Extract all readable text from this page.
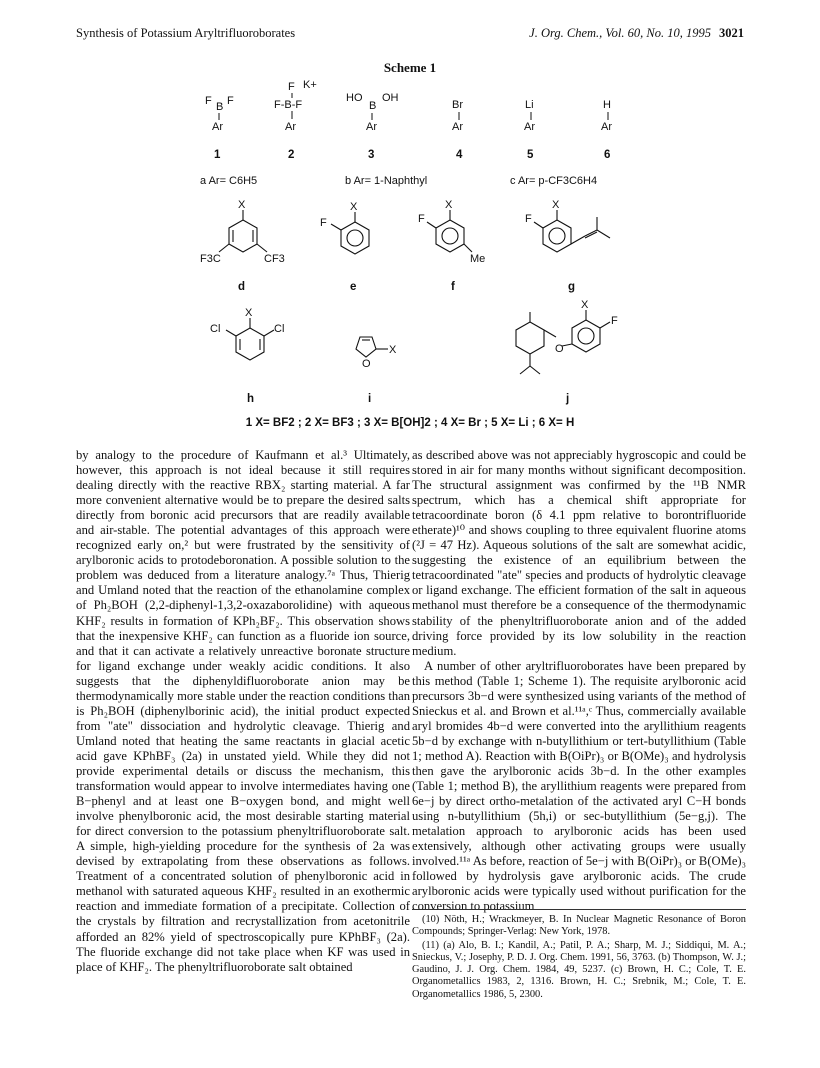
Synthesis of Potassium Aryltrifluoroborates	J. Org. Chem., Vol. 60, No. 10, 1995 3021
Scheme 1
F B F
Ar
F K+
F-B-F
Ar
HO
B
OH
Ar
Br
Ar
Li
Ar
H
Ar
1	2	3	4	5	6
a Ar= C6H5	b Ar= 1-Naphthyl	c Ar= p-CF3C6H4
X
F3C	CF3
X
F
X
F
Me
X
F
X
Cl	Cl
O
X
X
F
O
d	e	f	g
h	i	j
1 X= BF2 ; 2 X= BF3 ; 3 X= B[OH]2 ; 4 X= Br ; 5 X= Li ; 6 X= H

by analogy to the procedure of Kaufmann et al.³ Ultimately, however, this approach is not ideal because it still requires dealing directly with the reactive RBX₂ starting material. A far more convenient alternative would be to prepare the desired salts directly from boronic acid precursors that are readily available and air-stable. The potential advantages of this approach were recognized early on,² but were frustrated by the sensitivity of arylboronic acids to protodeboronation. A possible solution to the problem was deduced from a literature analogy.⁷ᵃ Thus, Thierig and Umland noted that the reaction of the ethanolamine complex of Ph₂BOH (2,2-diphenyl-1,3,2-oxazaborolidine) with aqueous KHF₂ results in formation of KPh₂BF₂. This observation shows that the inexpensive KHF₂ can function as a fluoride ion source, and that it can activate a relatively unreactive boronate structure for ligand exchange under weakly acidic conditions. It also suggests that the diphenyldifluoroborate anion may be thermodynamically more stable under the reaction conditions than is Ph₂BOH (diphenylborinic acid), the initial product expected from "ate" dissociation and hydrolytic cleavage. Thierig and Umland noted that heating the same reactants in glacial acetic acid gave KPhBF₃ (2a) in unstated yield. While they did not provide experimental details or discuss the mechanism, this transformation would appear to involve intermediates having one B−phenyl and at least one B−oxygen bond, and might well involve phenylboronic acid, the most desirable starting material for direct conversion to the potassium phenyltrifluoroborate salt. A simple, high-yielding procedure for the synthesis of 2a was devised by extrapolating from these observations as follows. Treatment of a concentrated solution of phenylboronic acid in methanol with saturated aqueous KHF₂ resulted in an exothermic reaction and immediate formation of a precipitate. Collection of the crystals by filtration and recrystallization from acetonitrile afforded an 82% yield of spectroscopically pure KPhBF₃ (2a). The fluoride exchange did not take place when KF was used in place of KHF₂. The phenyltrifluoroborate salt obtained

as described above was not appreciably hygroscopic and could be stored in air for many months without significant decomposition. The structural assignment was confirmed by the ¹¹B NMR spectrum, which has a chemical shift appropriate for tetracoordinate boron (δ 4.1 ppm relative to borontrifluoride etherate)¹⁰ and shows coupling to three equivalent fluorine atoms (²J = 47 Hz). Aqueous solutions of the salt are somewhat acidic, suggesting the existence of an equilibrium between the tetracoordinated "ate" species and products of hydrolytic cleavage or ligand exchange. The efficient formation of the salt in aqueous methanol must therefore be a consequence of the thermodynamic stability of the phenyltrifluoroborate anion and of the added driving force provided by its low solubility in the reaction medium.

A number of other aryltrifluoroborates have been prepared by this method (Table 1; Scheme 1). The requisite arylboronic acid precursors 3b−d were synthesized using variants of the method of Snieckus et al. and Brown et al.¹¹ᵃ,ᶜ Thus, commercially available aryl bromides 4b−d were converted into the aryllithium reagents 5b−d by exchange with n-butyllithium or tert-butyllithium (Table 1; method A). Reaction with B(OiPr)₃ or B(OMe)₃ and hydrolysis then gave the arylboronic acids 3b−d. In the other examples (Table 1; method B), the aryllithium reagents were prepared from 6e−j by direct ortho-metalation of the activated aryl C−H bonds using n-butyllithium (5h,i) or sec-butyllithium (5e−g,j). The metalation approach to arylboronic acids has been used extensively, although other activating groups were usually involved.¹¹ᵃ As before, reaction of 5e−j with B(OiPr)₃ or B(OMe)₃ followed by hydrolysis gave arylboronic acids. The crude arylboronic acids were typically used without purification for the conversion to potassium

(10) Nöth, H.; Wrackmeyer, B. In Nuclear Magnetic Resonance of Boron Compounds; Springer-Verlag: New York, 1978.

(11) (a) Alo, B. I.; Kandil, A.; Patil, P. A.; Sharp, M. J.; Siddiqui, M. A.; Snieckus, V.; Josephy, P. D. J. Org. Chem. 1991, 56, 3763. (b) Thompson, W. J.; Gaudino, J. J. Org. Chem. 1984, 49, 5237. (c) Brown, H. C.; Cole, T. E. Organometallics 1983, 2, 1316. Brown, H. C.; Srebnik, M.; Cole, T. E. Organometallics 1986, 5, 2300.
